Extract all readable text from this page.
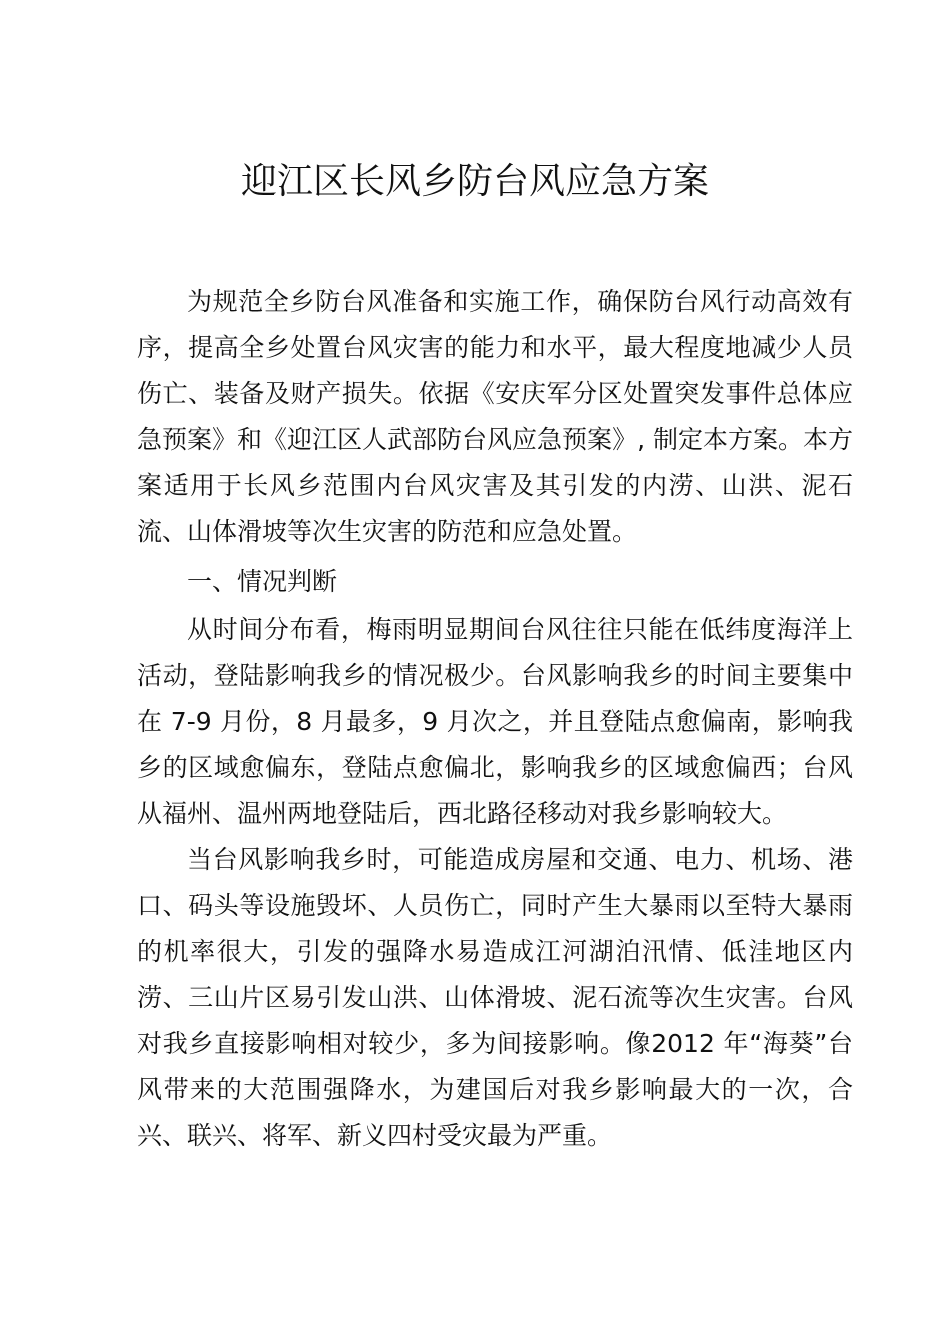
迎江区长风乡防台风应急方案

为规范全乡防台风准备和实施工作，确保防台风行动高效有序，提高全乡处置台风灾害的能力和水平，最大程度地减少人员伤亡、装备及财产损失。依据《安庆军分区处置突发事件总体应急预案》和《迎江区人武部防台风应急预案》, 制定本方案。本方案适用于长风乡范围内台风灾害及其引发的内涝、山洪、泥石流、山体滑坡等次生灾害的防范和应急处置。

一、情况判断

从时间分布看，梅雨明显期间台风往往只能在低纬度海洋上活动，登陆影响我乡的情况极少。台风影响我乡的时间主要集中在 7-9 月份，8 月最多，9 月次之，并且登陆点愈偏南，影响我乡的区域愈偏东，登陆点愈偏北，影响我乡的区域愈偏西；台风从福州、温州两地登陆后，西北路径移动对我乡影响较大。

当台风影响我乡时，可能造成房屋和交通、电力、机场、港口、码头等设施毁坏、人员伤亡，同时产生大暴雨以至特大暴雨的机率很大，引发的强降水易造成江河湖泊汛情、低洼地区内涝、三山片区易引发山洪、山体滑坡、泥石流等次生灾害。台风对我乡直接影响相对较少，多为间接影响。像2012 年“海葵”台风带来的大范围强降水，为建国后对我乡影响最大的一次，合兴、联兴、将军、新义四村受灾最为严重。
